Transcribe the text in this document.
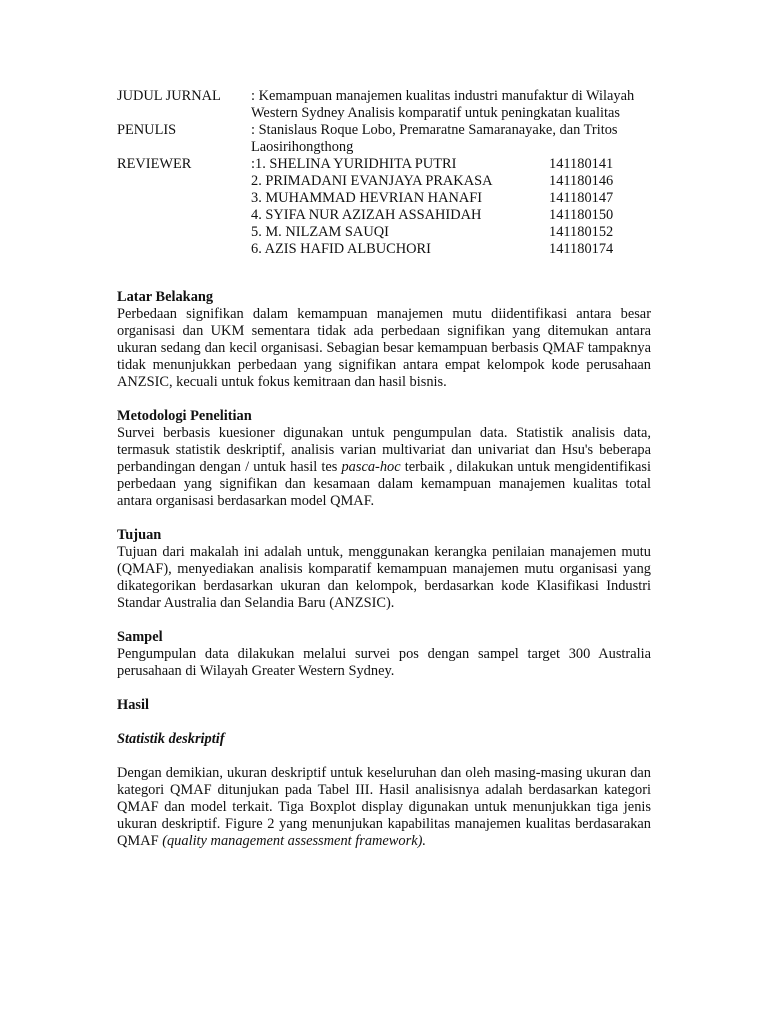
JUDUL JURNAL	: Kemampuan manajemen kualitas industri manufaktur di Wilayah Western Sydney Analisis komparatif untuk peningkatan kualitas
PENULIS	: Stanislaus Roque Lobo, Premaratne Samaranayake, dan Tritos Laosirihongthong
REVIEWER	:1. SHELINA YURIDHITA PUTRI	141180141
2. PRIMADANI EVANJAYA PRAKASA	141180146
3. MUHAMMAD HEVRIAN HANAFI	141180147
4. SYIFA NUR AZIZAH ASSAHIDAH	141180150
5. M. NILZAM SAUQI	141180152
6. AZIS HAFID ALBUCHORI	141180174
Latar Belakang

Perbedaan signifikan dalam kemampuan manajemen mutu diidentifikasi antara besar organisasi dan UKM sementara tidak ada perbedaan signifikan yang ditemukan antara ukuran sedang dan kecil organisasi. Sebagian besar kemampuan berbasis QMAF tampaknya tidak menunjukkan perbedaan yang signifikan antara empat kelompok kode perusahaan ANZSIC, kecuali untuk fokus kemitraan dan hasil bisnis.

Metodologi Penelitian

Survei berbasis kuesioner digunakan untuk pengumpulan data. Statistik analisis data, termasuk statistik deskriptif, analisis varian multivariat dan univariat dan Hsu's beberapa perbandingan dengan / untuk hasil tes pasca-hoc terbaik , dilakukan untuk mengidentifikasi perbedaan yang signifikan dan kesamaan dalam kemampuan manajemen kualitas total antara organisasi berdasarkan model QMAF.

Tujuan

Tujuan dari makalah ini adalah untuk, menggunakan kerangka penilaian manajemen mutu (QMAF), menyediakan analisis komparatif kemampuan manajemen mutu organisasi yang dikategorikan berdasarkan ukuran dan kelompok, berdasarkan kode Klasifikasi Industri Standar Australia dan Selandia Baru (ANZSIC).

Sampel

Pengumpulan data dilakukan melalui survei pos dengan sampel target 300 Australia perusahaan di Wilayah Greater Western Sydney.

Hasil
Statistik deskriptif

Dengan demikian, ukuran deskriptif untuk keseluruhan dan oleh masing-masing ukuran dan kategori QMAF ditunjukan pada Tabel III. Hasil analisisnya adalah berdasarkan kategori QMAF dan model terkait. Tiga Boxplot display digunakan untuk menunjukkan tiga jenis ukuran deskriptif. Figure 2 yang menunjukan kapabilitas manajemen kualitas berdasarakan QMAF (quality management assessment framework).
